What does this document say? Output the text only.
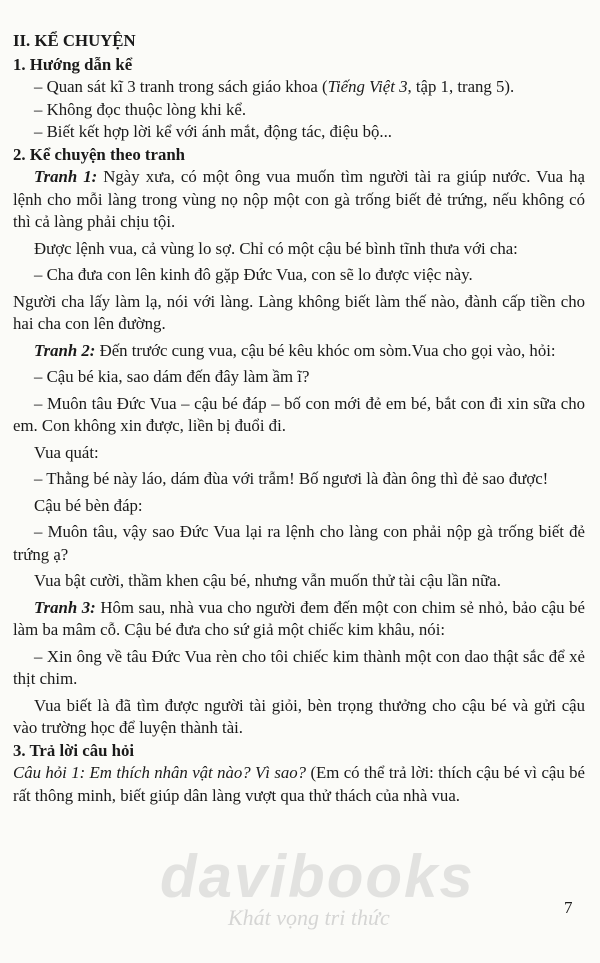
II. KỂ CHUYỆN

1. Hướng dẫn kể

– Quan sát kĩ 3 tranh trong sách giáo khoa (Tiếng Việt 3, tập 1, trang 5).

– Không đọc thuộc lòng khi kể.

– Biết kết hợp lời kể với ánh mắt, động tác, điệu bộ...

2. Kể chuyện theo tranh

Tranh 1: Ngày xưa, có một ông vua muốn tìm người tài ra giúp nước. Vua hạ lệnh cho mỗi làng trong vùng nọ nộp một con gà trống biết đẻ trứng, nếu không có thì cả làng phải chịu tội.

Được lệnh vua, cả vùng lo sợ. Chỉ có một cậu bé bình tĩnh thưa với cha:

– Cha đưa con lên kinh đô gặp Đức Vua, con sẽ lo được việc này.

Người cha lấy làm lạ, nói với làng. Làng không biết làm thế nào, đành cấp tiền cho hai cha con lên đường.

Tranh 2: Đến trước cung vua, cậu bé kêu khóc om sòm.Vua cho gọi vào, hỏi:

– Cậu bé kia, sao dám đến đây làm ầm ĩ?

– Muôn tâu Đức Vua – cậu bé đáp – bố con mới đẻ em bé, bắt con đi xin sữa cho em. Con không xin được, liền bị đuổi đi.

Vua quát:

– Thằng bé này láo, dám đùa với trẫm! Bố ngươi là đàn ông thì đẻ sao được!

Cậu bé bèn đáp:

– Muôn tâu, vậy sao Đức Vua lại ra lệnh cho làng con phải nộp gà trống biết đẻ trứng ạ?

Vua bật cười, thầm khen cậu bé, nhưng vẫn muốn thử tài cậu lần nữa.

Tranh 3: Hôm sau, nhà vua cho người đem đến một con chim sẻ nhỏ, bảo cậu bé làm ba mâm cỗ. Cậu bé đưa cho sứ giả một chiếc kim khâu, nói:

– Xin ông về tâu Đức Vua rèn cho tôi chiếc kim thành một con dao thật sắc để xẻ thịt chim.

Vua biết là đã tìm được người tài giỏi, bèn trọng thưởng cho cậu bé và gửi cậu vào trường học để luyện thành tài.

3. Trả lời câu hỏi

Câu hỏi 1: Em thích nhân vật nào? Vì sao? (Em có thể trả lời: thích cậu bé vì cậu bé rất thông minh, biết giúp dân làng vượt qua thử thách của nhà vua.

davibooks
Khát vọng tri thức	7
